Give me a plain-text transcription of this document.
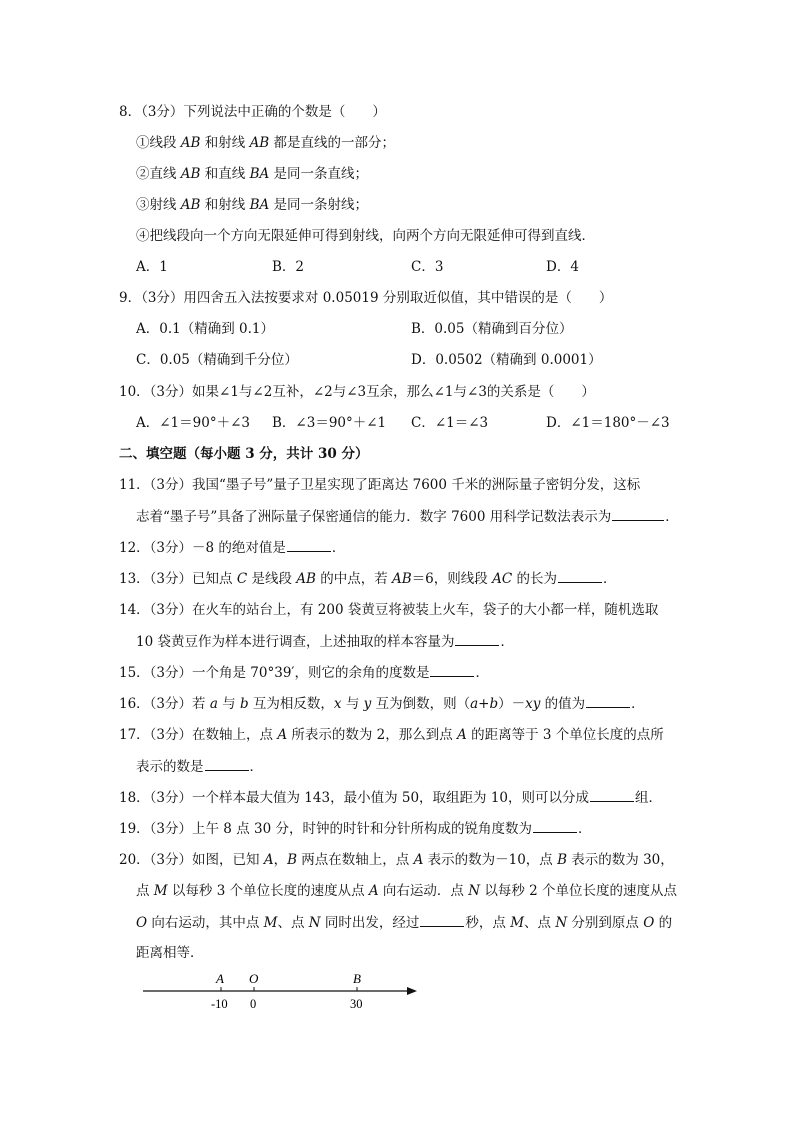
8．（3分）下列说法中正确的个数是（　　）
①线段 AB 和射线 AB 都是直线的一部分；
②直线 AB 和直线 BA 是同一条直线；
③射线 AB 和射线 BA 是同一条射线；
④把线段向一个方向无限延伸可得到射线，向两个方向无限延伸可得到直线．
A．1	B．2	C．3	D．4
9．（3分）用四舍五入法按要求对 0.05019 分别取近似值，其中错误的是（　　）
A．0.1（精确到 0.1）	B．0.05（精确到百分位）
C．0.05（精确到千分位）	D．0.0502（精确到 0.0001）
10．（3分）如果∠1与∠2互补，∠2与∠3互余，那么∠1与∠3的关系是（　　）
A．∠1＝90°＋∠3 B．∠3＝90°＋∠1 C．∠1＝∠3	D．∠1＝180°－∠3
二、填空题（每小题 3 分，共计 30 分）
11．（3分）我国“墨子号”量子卫星实现了距离达 7600 千米的洲际量子密钥分发，这标
志着“墨子号”具备了洲际量子保密通信的能力．数字 7600 用科学记数法表示为	．
12．（3分）－8 的绝对值是	．
13．（3分）已知点 C 是线段 AB 的中点，若 AB＝6，则线段 AC 的长为	．
14．（3分）在火车的站台上，有 200 袋黄豆将被装上火车，袋子的大小都一样，随机选取
10 袋黄豆作为样本进行调查，上述抽取的样本容量为	．
15．（3分）一个角是 70°39′，则它的余角的度数是	．
16．（3分）若 a 与 b 互为相反数，x 与 y 互为倒数，则（a+b）－xy 的值为	．
17．（3分）在数轴上，点 A 所表示的数为 2，那么到点 A 的距离等于 3 个单位长度的点所
表示的数是	．
18．（3分）一个样本最大值为 143，最小值为 50，取组距为 10，则可以分成	组．
19．（3分）上午 8 点 30 分，时钟的时针和分针所构成的锐角度数为	．
20．（3分）如图，已知 A，B 两点在数轴上，点 A 表示的数为－10，点 B 表示的数为 30，
点 M 以每秒 3 个单位长度的速度从点 A 向右运动．点 N 以每秒 2 个单位长度的速度从点
O 向右运动，其中点 M、点 N 同时出发，经过	秒，点 M、点 N 分别到原点 O 的
距离相等．
A O	B
-10 0	30
